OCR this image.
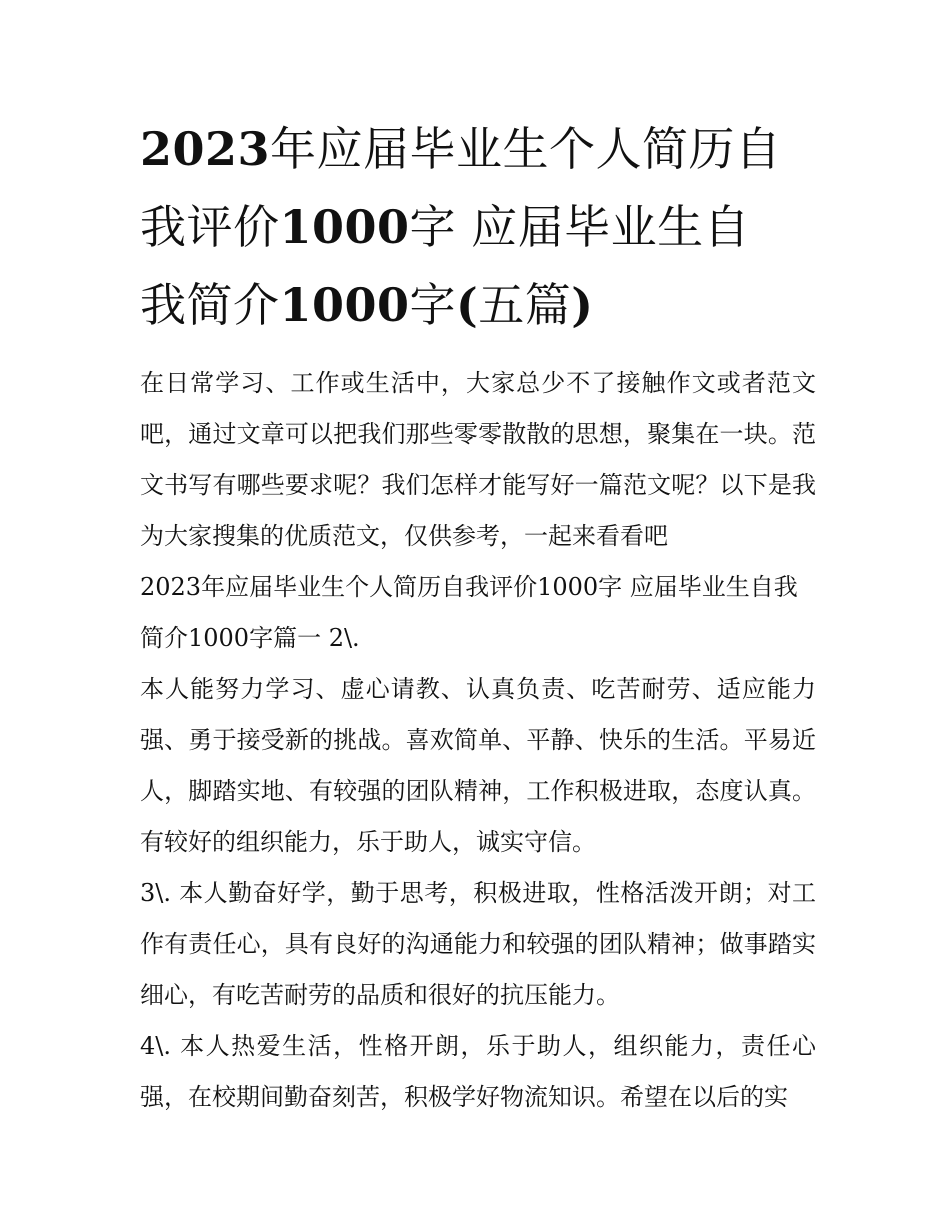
2023年应届毕业生个人简历自
我评价1000字 应届毕业生自
我简介1000字(五篇)

在日常学习、工作或生活中，大家总少不了接触作文或者范文吧，通过文章可以把我们那些零零散散的思想，聚集在一块。范文书写有哪些要求呢？我们怎样才能写好一篇范文呢？以下是我为大家搜集的优质范文，仅供参考，一起来看看吧

2023年应届毕业生个人简历自我评价1000字 应届毕业生自我简介1000字篇一 2\.

本人能努力学习、虚心请教、认真负责、吃苦耐劳、适应能力强、勇于接受新的挑战。喜欢简单、平静、快乐的生活。平易近人，脚踏实地、有较强的团队精神，工作积极进取，态度认真。有较好的组织能力，乐于助人，诚实守信。

3\. 本人勤奋好学，勤于思考，积极进取，性格活泼开朗；对工作有责任心，具有良好的沟通能力和较强的团队精神；做事踏实细心，有吃苦耐劳的品质和很好的抗压能力。

4\. 本人热爱生活，性格开朗，乐于助人，组织能力，责任心强，在校期间勤奋刻苦，积极学好物流知识。希望在以后的实
